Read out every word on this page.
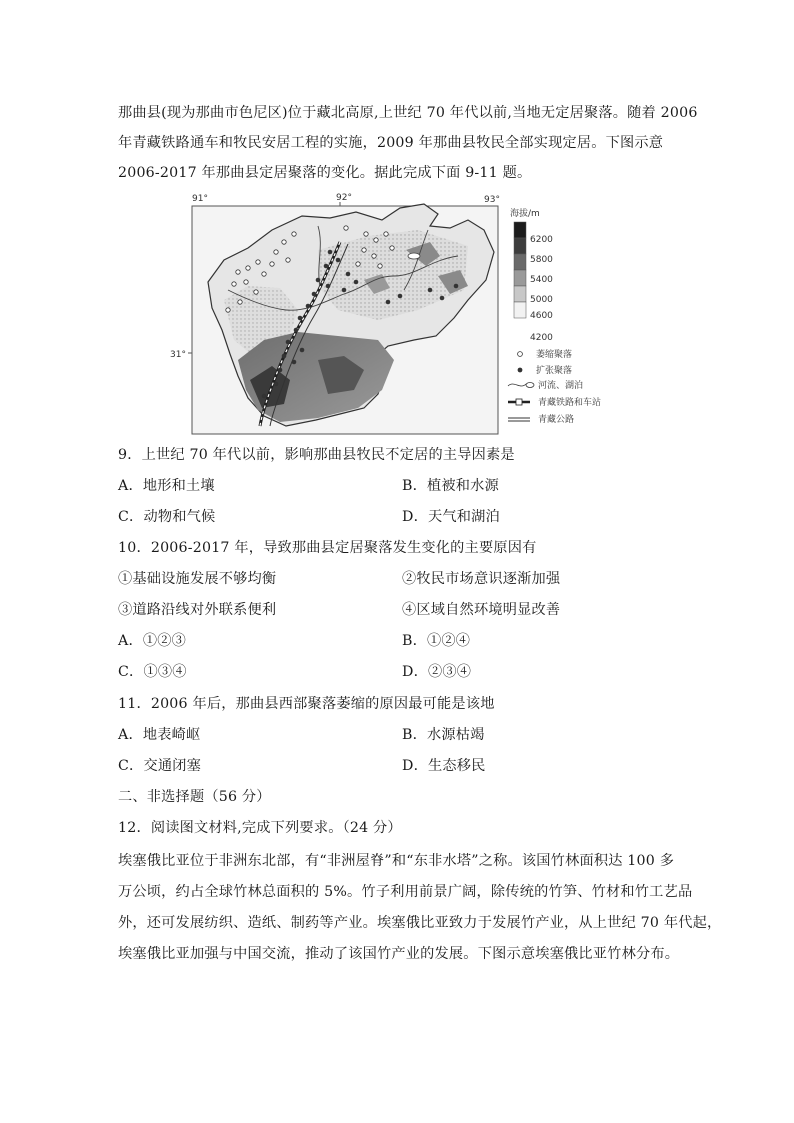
那曲县(现为那曲市色尼区)位于藏北高原,上世纪 70 年代以前,当地无定居聚落。随着 2006
年青藏铁路通车和牧民安居工程的实施，2009 年那曲县牧民全部实现定居。下图示意
2006-2017 年那曲县定居聚落的变化。据此完成下面 9-11 题。
91°	92°	93°
31°
海拔/m
6200
5800
5400
5000
4600
4200
萎缩聚落
扩张聚落
河流、湖泊
青藏铁路和车站
青藏公路
9．上世纪 70 年代以前，影响那曲县牧民不定居的主导因素是
A．地形和土壤	B．植被和水源
C．动物和气候	D．天气和湖泊
10．2006-2017 年，导致那曲县定居聚落发生变化的主要原因有
①基础设施发展不够均衡	②牧民市场意识逐渐加强
③道路沿线对外联系便利	④区域自然环境明显改善
A．①②③	B．①②④
C．①③④	D．②③④
11．2006 年后，那曲县西部聚落萎缩的原因最可能是该地
A．地表崎岖	B．水源枯竭
C．交通闭塞	D．生态移民
二、非选择题（56 分）
12．阅读图文材料,完成下列要求。（24 分）
埃塞俄比亚位于非洲东北部，有“非洲屋脊”和“东非水塔”之称。该国竹林面积达 100 多
万公顷，约占全球竹林总面积的 5%。竹子利用前景广阔，除传统的竹笋、竹材和竹工艺品
外，还可发展纺织、造纸、制药等产业。埃塞俄比亚致力于发展竹产业，从上世纪 70 年代起，
埃塞俄比亚加强与中国交流，推动了该国竹产业的发展。下图示意埃塞俄比亚竹林分布。
